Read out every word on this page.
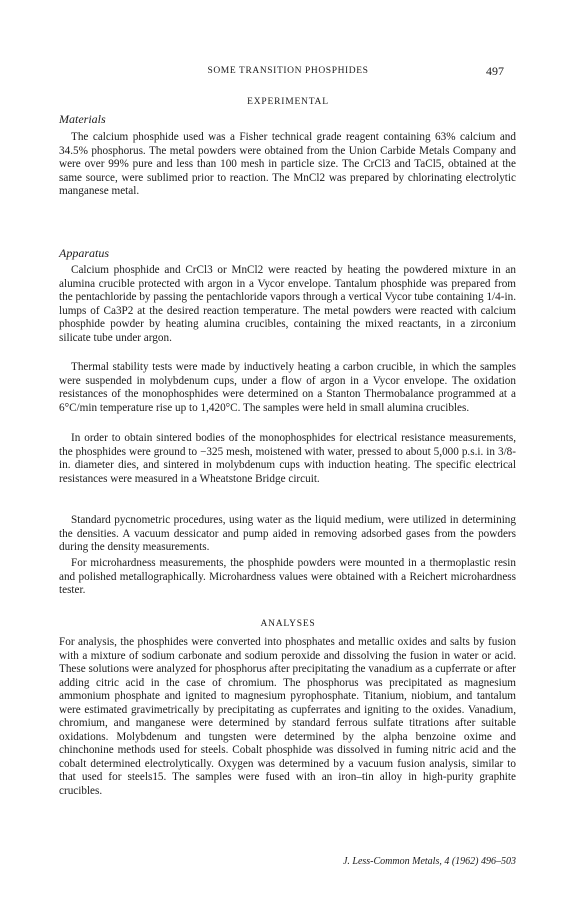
SOME TRANSITION PHOSPHIDES	497
EXPERIMENTAL
Materials

The calcium phosphide used was a Fisher technical grade reagent containing 63% calcium and 34.5% phosphorus. The metal powders were obtained from the Union Carbide Metals Company and were over 99% pure and less than 100 mesh in particle size. The CrCl3 and TaCl5, obtained at the same source, were sublimed prior to reaction. The MnCl2 was prepared by chlorinating electrolytic manganese metal.

Apparatus

Calcium phosphide and CrCl3 or MnCl2 were reacted by heating the powdered mixture in an alumina crucible protected with argon in a Vycor envelope. Tantalum phosphide was prepared from the pentachloride by passing the pentachloride vapors through a vertical Vycor tube containing 1/4-in. lumps of Ca3P2 at the desired reaction temperature. The metal powders were reacted with calcium phosphide powder by heating alumina crucibles, containing the mixed reactants, in a zirconium silicate tube under argon.

Thermal stability tests were made by inductively heating a carbon crucible, in which the samples were suspended in molybdenum cups, under a flow of argon in a Vycor envelope. The oxidation resistances of the monophosphides were determined on a Stanton Thermobalance programmed at a 6°C/min temperature rise up to 1,420°C. The samples were held in small alumina crucibles.

In order to obtain sintered bodies of the monophosphides for electrical resistance measurements, the phosphides were ground to −325 mesh, moistened with water, pressed to about 5,000 p.s.i. in 3/8-in. diameter dies, and sintered in molybdenum cups with induction heating. The specific electrical resistances were measured in a Wheatstone Bridge circuit.

Standard pycnometric procedures, using water as the liquid medium, were utilized in determining the densities. A vacuum dessicator and pump aided in removing adsorbed gases from the powders during the density measurements.

For microhardness measurements, the phosphide powders were mounted in a thermoplastic resin and polished metallographically. Microhardness values were obtained with a Reichert microhardness tester.

ANALYSES

For analysis, the phosphides were converted into phosphates and metallic oxides and salts by fusion with a mixture of sodium carbonate and sodium peroxide and dissolving the fusion in water or acid. These solutions were analyzed for phosphorus after precipitating the vanadium as a cupferrate or after adding citric acid in the case of chromium. The phosphorus was precipitated as magnesium ammonium phosphate and ignited to magnesium pyrophosphate. Titanium, niobium, and tantalum were estimated gravimetrically by precipitating as cupferrates and igniting to the oxides. Vanadium, chromium, and manganese were determined by standard ferrous sulfate titrations after suitable oxidations. Molybdenum and tungsten were determined by the alpha benzoine oxime and chinchonine methods used for steels. Cobalt phosphide was dissolved in fuming nitric acid and the cobalt determined electrolytically. Oxygen was determined by a vacuum fusion analysis, similar to that used for steels15. The samples were fused with an iron–tin alloy in high-purity graphite crucibles.

J. Less-Common Metals, 4 (1962) 496–503
